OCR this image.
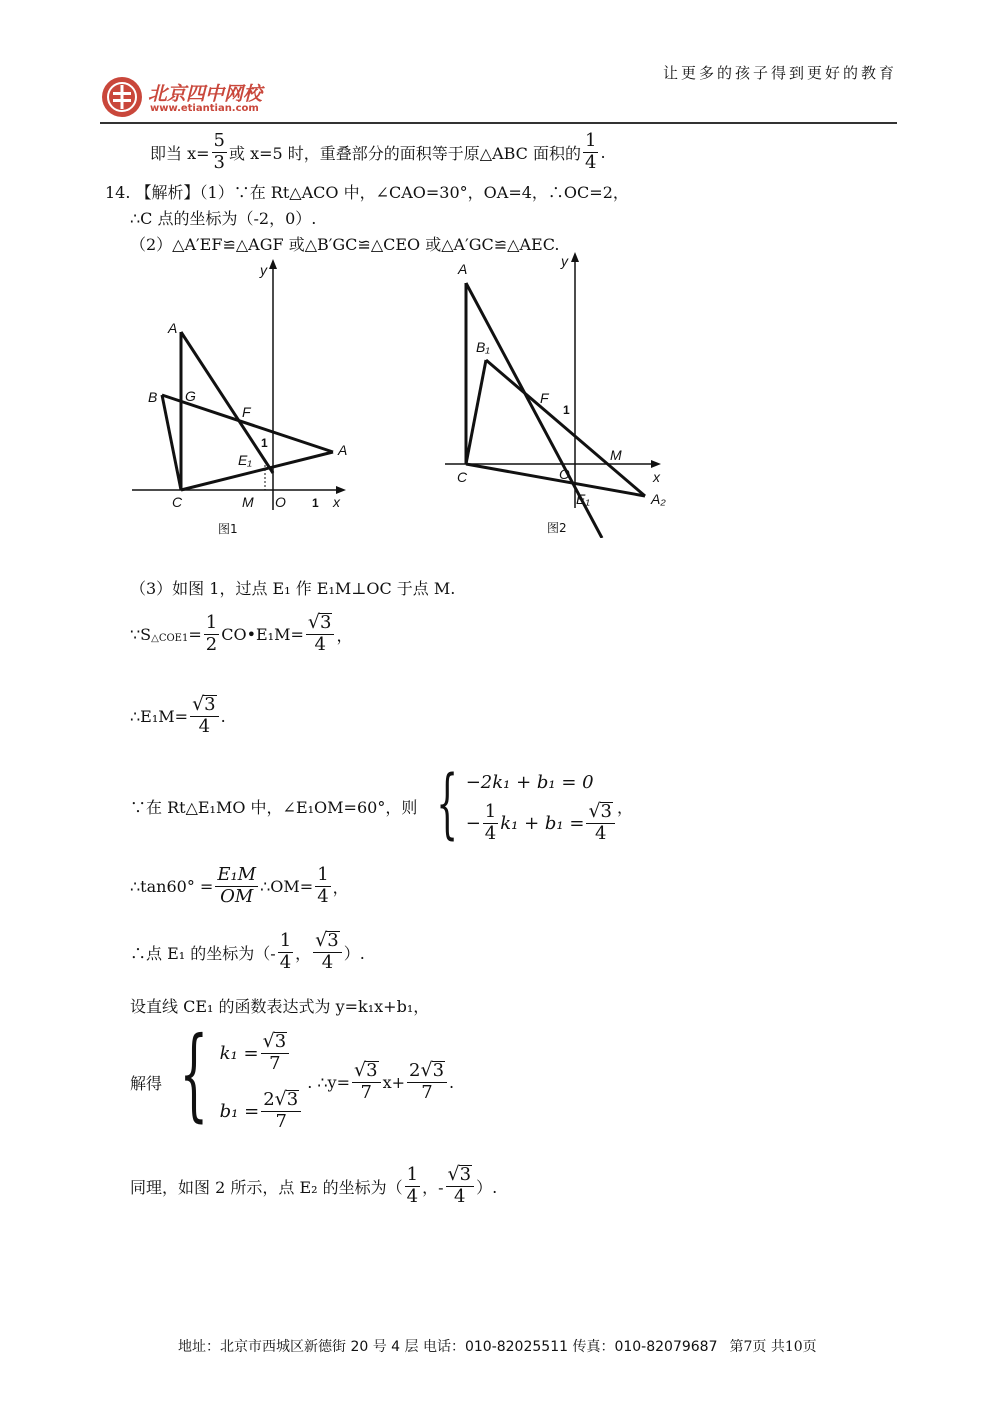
北京四中网校
www.etiantian.com
让更多的孩子得到更好的教育
即当 $x= \frac{5}{3}$ 或 x=5 时，重叠部分的面积等于原△ABC 面积的 $\frac{1}{4}$ .
14. 【解析】（1）∵在 Rt△ACO 中，∠CAO=30°，OA=4，∴OC=2，
∴C 点的坐标为（-2，0）.
（2）△A′EF≌△AGF 或△B′GC≌△CEO 或△A′GC≌△AEC.
y
A
B G
F
E₁
A
C	M O	x
1
1
图1
y
A
B₁
F
M
C	O	x
E₁	A₂
1
图2
（3）如图 1，过点 E₁ 作 E₁M⊥OC 于点 M.
∵S △COE1 = $\frac{1}{2}$ CO•E₁M= $\frac{√ 3}{4}$ ，
∴E₁M= $\frac{√ 3}{4}$ .
∵在 Rt△E₁MO 中，∠E₁OM=60°，则 { −2k₁ + b₁ = 0
− $\frac{1}{4} k_1 + b_1 = \frac{√ 3}{4}$ ，
∴tan60° = $\frac{\text{E₁M}}{OM}$ ∴OM= $\frac{1}{4}$ ，
∴点 E₁ 的坐标为（- $\frac{1}{4}$ ， $\frac{√ 3}{4}$ ）.
设直线 CE₁ 的函数表达式为 y=k₁x+b₁，
解得 { $k_1 = \frac{√ 3}{7}$
$b_1 = \frac{2 √ 3}{7}$
. ∴y= $\frac{√ 3}{7} x+ \frac{2 √ 3}{7}$ .
同理，如图 2 所示，点 E₂ 的坐标为（ $\frac{1}{4}$ ，- $\frac{√ 3}{4}$ ）.
地址：北京市西城区新德街 20 号 4 层 电话：010-82025511 传真：010-82079687 第7页 共10页
